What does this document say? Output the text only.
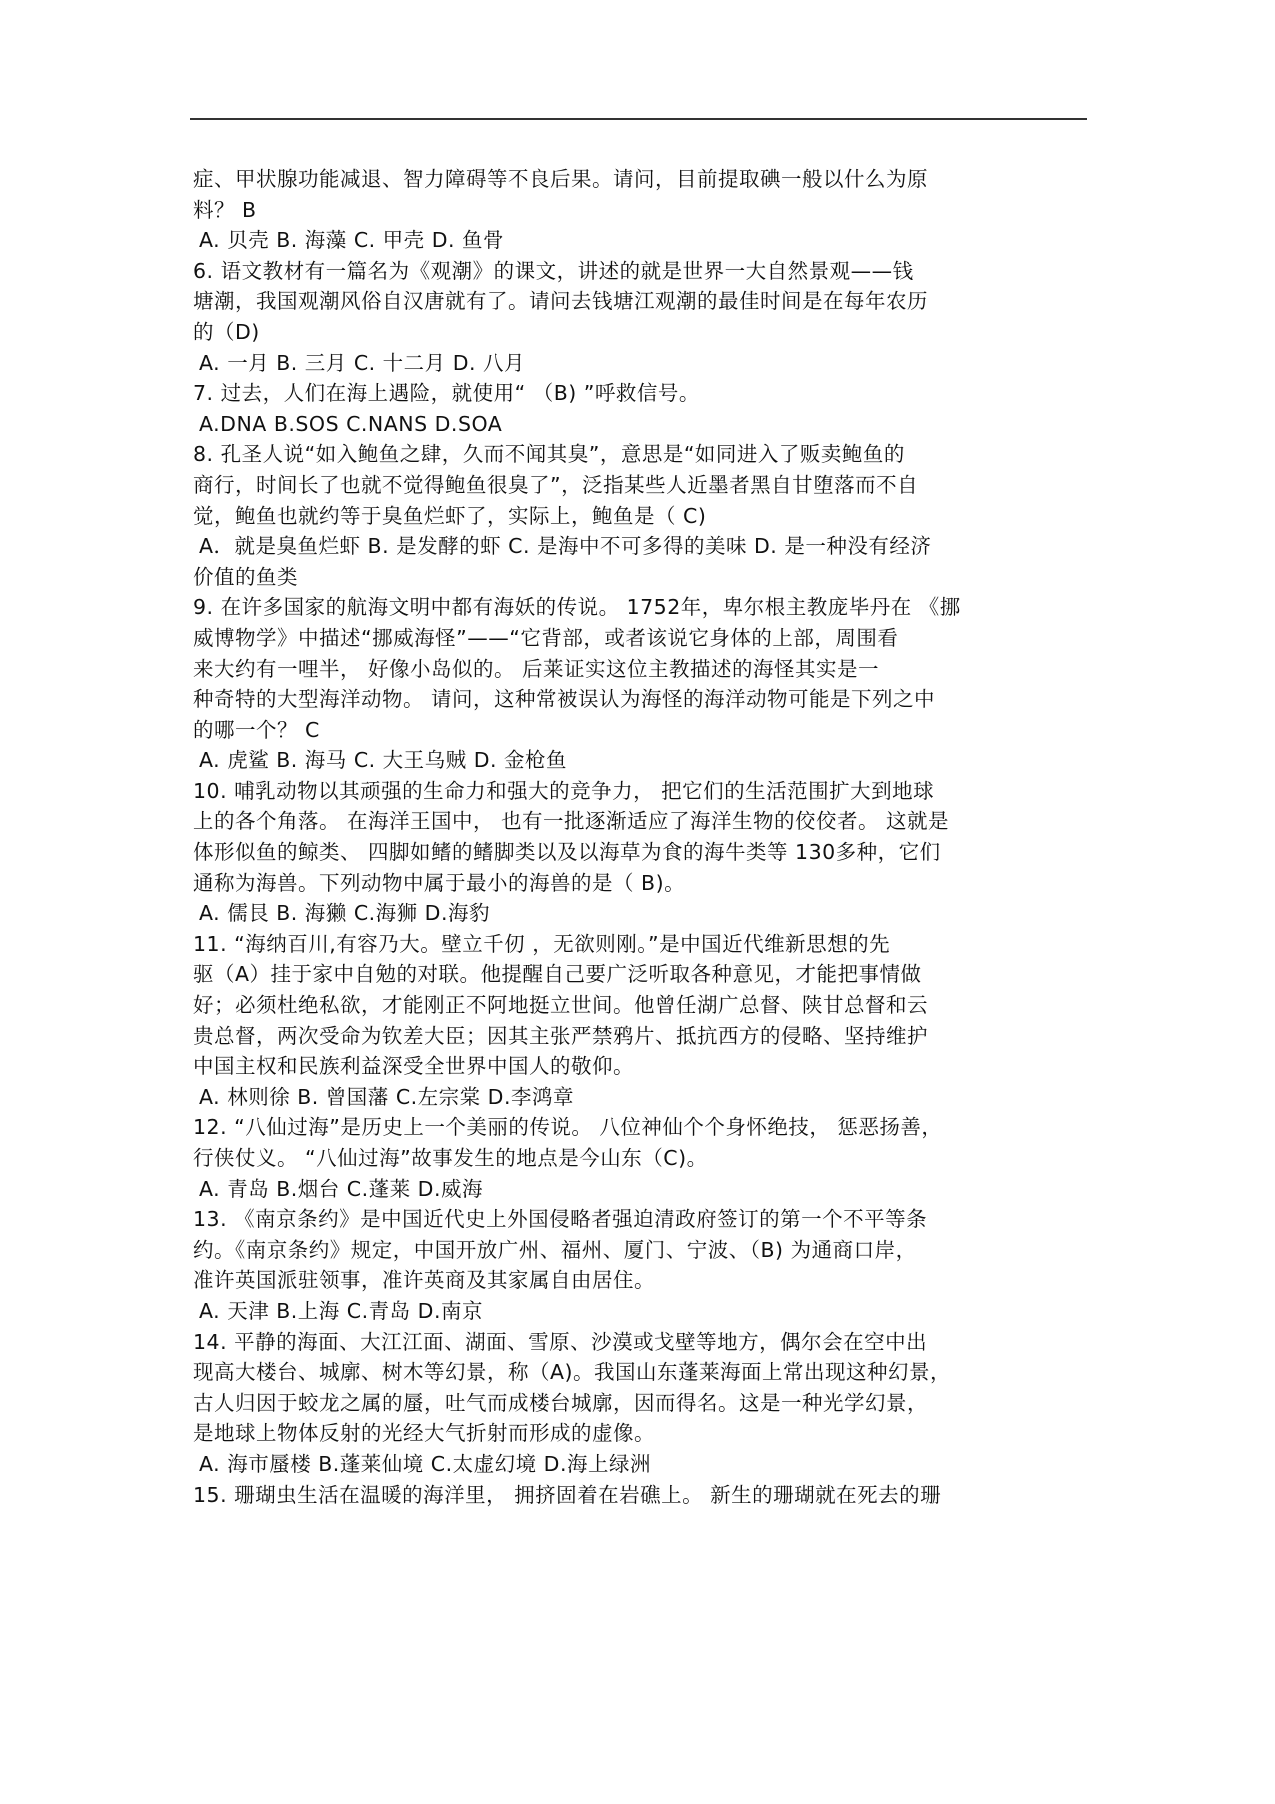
症、甲状腺功能减退、智力障碍等不良后果。请问，目前提取碘一般以什么为原
料？ B
A. 贝壳 B. 海藻 C. 甲壳 D. 鱼骨
6. 语文教材有一篇名为《观潮》的课文，讲述的就是世界一大自然景观——钱
塘潮，我国观潮风俗自汉唐就有了。请问去钱塘江观潮的最佳时间是在每年农历
的（D)
A. 一月 B. 三月 C. 十二月 D. 八月
7. 过去，人们在海上遇险，就使用“ （B) ”呼救信号。
A.DNA B.SOS C.NANS D.SOA
8. 孔圣人说“如入鲍鱼之肆，久而不闻其臭”，意思是“如同进入了贩卖鲍鱼的
商行，时间长了也就不觉得鲍鱼很臭了”，泛指某些人近墨者黑自甘堕落而不自
觉，鲍鱼也就约等于臭鱼烂虾了，实际上，鲍鱼是（ C)
A．就是臭鱼烂虾 B. 是发酵的虾 C. 是海中不可多得的美味 D. 是一种没有经济
价值的鱼类
9. 在许多国家的航海文明中都有海妖的传说。 1752年，卑尔根主教庞毕丹在 《挪
威博物学》中描述“挪威海怪”——“它背部，或者该说它身体的上部，周围看
来大约有一哩半， 好像小岛似的。 后莱证实这位主教描述的海怪其实是一
种奇特的大型海洋动物。 请问，这种常被误认为海怪的海洋动物可能是下列之中
的哪一个？ C
A. 虎鲨 B. 海马 C. 大王乌贼 D. 金枪鱼
10. 哺乳动物以其顽强的生命力和强大的竞争力， 把它们的生活范围扩大到地球
上的各个角落。 在海洋王国中， 也有一批逐渐适应了海洋生物的佼佼者。 这就是
体形似鱼的鲸类、 四脚如鳍的鳍脚类以及以海草为食的海牛类等 130多种，它们
通称为海兽。下列动物中属于最小的海兽的是（ B)。
A. 儒艮 B. 海獭 C.海狮 D.海豹
11. “海纳百川,有容乃大。壁立千仞 ，无欲则刚。”是中国近代维新思想的先
驱（A）挂于家中自勉的对联。他提醒自己要广泛听取各种意见，才能把事情做
好；必须杜绝私欲，才能刚正不阿地挺立世间。他曾任湖广总督、陕甘总督和云
贵总督，两次受命为钦差大臣；因其主张严禁鸦片、抵抗西方的侵略、坚持维护
中国主权和民族利益深受全世界中国人的敬仰。
A. 林则徐 B. 曾国藩 C.左宗棠 D.李鸿章
12. “八仙过海”是历史上一个美丽的传说。 八位神仙个个身怀绝技， 惩恶扬善，
行侠仗义。 “八仙过海”故事发生的地点是今山东（C)。
A. 青岛 B.烟台 C.蓬莱 D.威海
13. 《南京条约》是中国近代史上外国侵略者强迫清政府签订的第一个不平等条
约。《南京条约》规定，中国开放广州、福州、厦门、宁波、（B) 为通商口岸，
准许英国派驻领事，准许英商及其家属自由居住。
A. 天津 B.上海 C.青岛 D.南京
14. 平静的海面、大江江面、湖面、雪原、沙漠或戈壁等地方，偶尔会在空中出
现高大楼台、城廓、树木等幻景，称（A)。我国山东蓬莱海面上常出现这种幻景，
古人归因于蛟龙之属的蜃，吐气而成楼台城廓，因而得名。这是一种光学幻景，
是地球上物体反射的光经大气折射而形成的虚像。
A. 海市蜃楼 B.蓬莱仙境 C.太虚幻境 D.海上绿洲
15. 珊瑚虫生活在温暖的海洋里， 拥挤固着在岩礁上。 新生的珊瑚就在死去的珊
